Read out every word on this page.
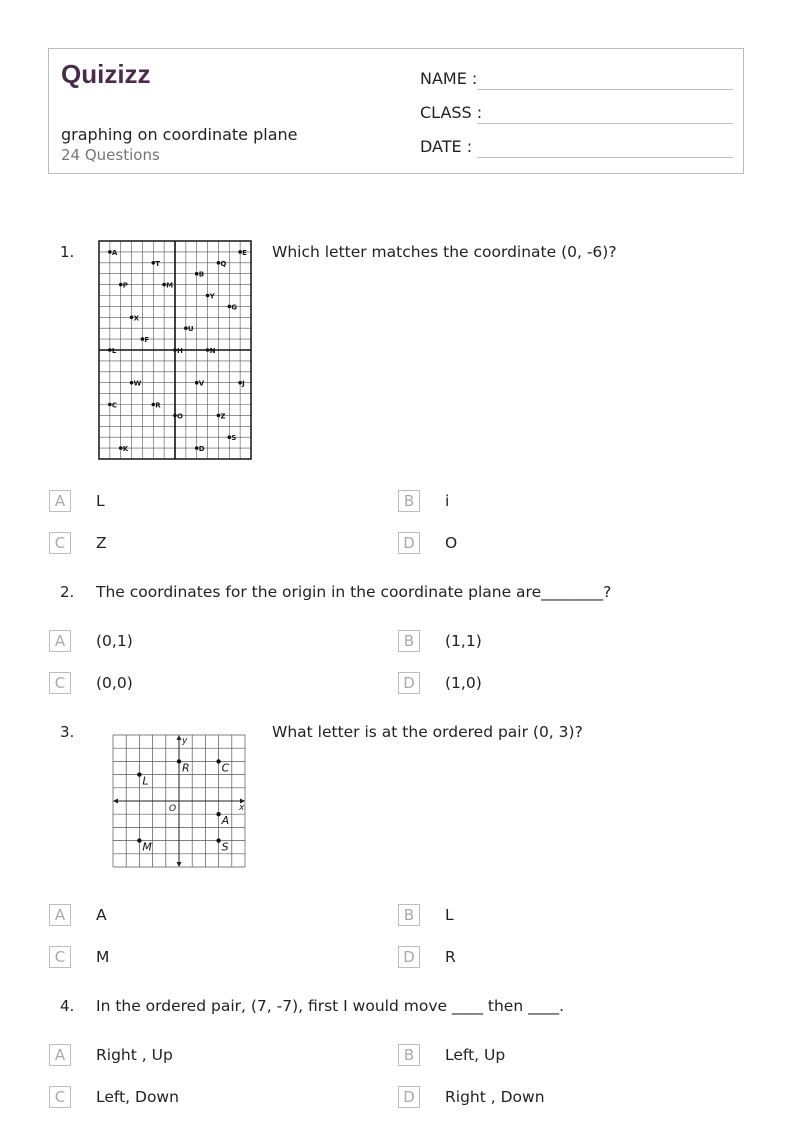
Quizizz
graphing on coordinate plane
24 Questions
NAME :
CLASS :
DATE :
1.	A	E
T	Q
B
P	M
Y
G
X
U
F
L	H	N
W	V	J
C	R
O	Z
S
K	D
Which letter matches the coordinate (0, -6)?
A	L	B	i
C	Z	D	O
2. The coordinates for the origin in the coordinate plane are________?
A	(0,1)	B	(1,1)
C	(0,0)	D	(1,0)
3.	y
x
O
R	C
L
A
M	S
What letter is at the ordered pair (0, 3)?
A	A	B	L
C	M	D	R
4. In the ordered pair, (7, -7), first I would move ____ then ____.
A	Right , Up	B	Left, Up
C	Left, Down	D	Right , Down
